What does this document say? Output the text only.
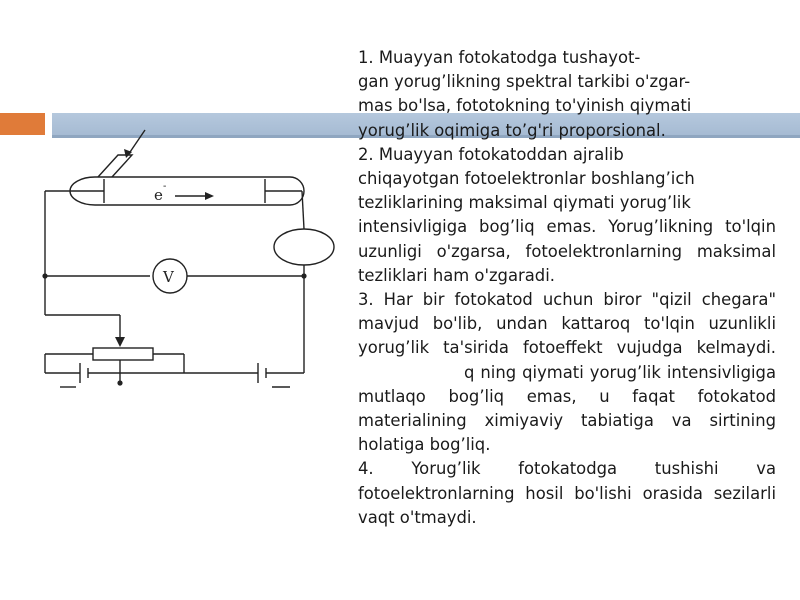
e -
V

1. Muayyan fotokatodga tushayot-
gan yorug’likning spektral tarkibi o'zgar-
mas bo'lsa, fototokning to'yinish qiymati
yorug’lik oqimiga to’g'ri proporsional.

2. Muayyan fotokatoddan ajralib
chiqayotgan fotoelektronlar boshlang’ich
tezliklarining maksimal qiymati yorug’lik
intensivligiga bog’liq emas. Yorug’likning to'lqin uzunligi o'zgarsa, fotoelektronlarning maksimal tezliklari ham o'zgaradi.

3. Har bir fotokatod uchun biror "qizil chegara" mavjud bo'lib, undan kattaroq to'lqin uzunlikli yorug’lik ta'sirida fotoeffekt vujudga kelmaydi.  q ning qiymati yorug’lik intensivligiga mutlaqo bog’liq emas, u faqat fotokatod materialining ximiyaviy tabiatiga va sirtining holatiga bog’liq.

4. Yorug’lik fotokatodga tushishi va fotoelektronlarning hosil bo'lishi orasida sezilarli vaqt o'tmaydi.
